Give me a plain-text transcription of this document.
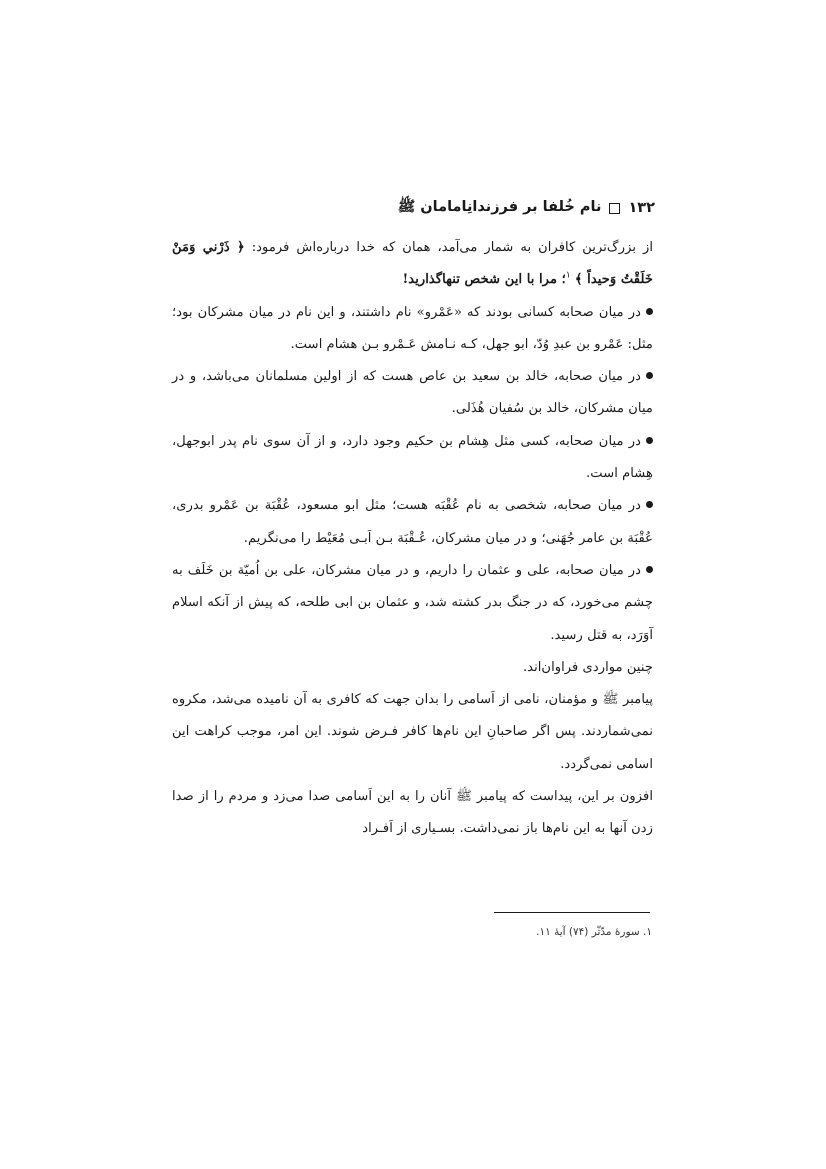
۱۳۲
نام خُلفا بر فرزندانِامامان ﷺ

از بزرگ‌ترین کافران به شمار می‌آمد، همان که خدا درباره‌اش فرمود: ﴿ ذَرْني وَمَنْ خَلَقْتُ وَحيداً ﴾ $^۱$؛ مرا با این شخص تنهاگذارید!

در میان صحابه کسانی بودند که «عَمْرو» نام داشتند، و این نام در میان مشرکان بود؛ مثل: عَمْرو بن عبدِ وُدّ، ابو جهل، کـه نـامش عَـمْرو بـن هشام است.

در میان صحابه، خالد بن سعید بن عاص هست که از اولین مسلمانان می‌باشد، و در میان مشرکان، خالد بن سُفیان هُذَلی.

در میان صحابه، کسی مثل هِشام بن حکیم وجود دارد، و از آن سوی نام پدر ابوجهل، هِشام است.

در میان صحابه، شخصی به نام عُقْبَه هست؛ مثل ابو مسعود، عُقْبَة بن عَمْرو بدری، عُقْبَة بن عامر جُهَنی؛ و در میان مشرکان، عُـقْبَة بـن اَبـی مُعَیْط را می‌نگریم.

در میان صحابه، علی و عثمان را داریم، و در میان مشرکان، علی بن اُمیّة بن خَلَف به چشم می‌خورد، که در جنگ بدر کشته شد، و عثمان بن ابی طلحه، که پیش از آنکه اسلام آوَرَد، به قتل رسید.

چنین مواردی فراوان‌اند.

پیامبر ﷺ و مؤمنان، نامی از اَسامی را بدان جهت که کافری به آن نامیده می‌شد، مکروه نمی‌شماردند. پس اگر صاحبانِ این نام‌ها کافر فـرض شوند. این امر، موجب کراهت این اسامی نمی‌گردد.

افزون بر این، پیداست که پیامبر ﷺ آنان را به این اَسامی صدا می‌زد و مردم را از صدا زدن آنها به این نام‌ها باز نمی‌داشت. بسـیاری از اَفـراد

۱. سورهٔ مدّثّر (۷۴) آیهٔ ۱۱.
